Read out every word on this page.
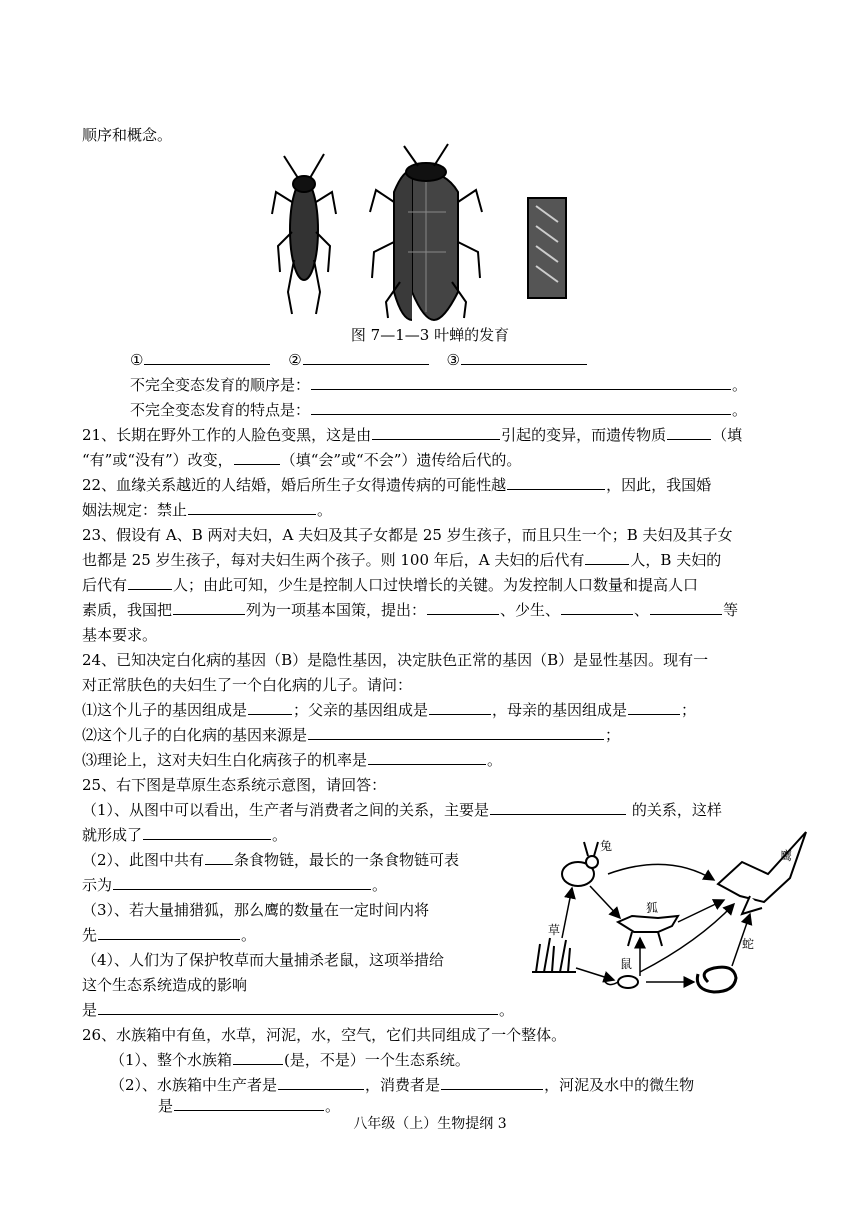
顺序和概念。
图 7—1—3 叶蝉的发育
①	②	③
不完全变态发育的顺序是：	。
不完全变态发育的特点是：	。
21、长期在野外工作的人脸色变黑，这是由	引起的变异，而遗传物质	（填
“有”或“没有”）改变，	（填“会”或“不会”）遗传给后代的。
22、血缘关系越近的人结婚，婚后所生子女得遗传病的可能性越	，因此，我国婚
姻法规定：禁止	。
23、假设有 A、B 两对夫妇，A 夫妇及其子女都是 25 岁生孩子，而且只生一个；B 夫妇及其子女
也都是 25 岁生孩子，每对夫妇生两个孩子。则 100 年后，A 夫妇的后代有	人，B 夫妇的
后代有	人；由此可知，少生是控制人口过快增长的关键。为发控制人口数量和提高人口
素质，我国把	列为一项基本国策，提出：	、少生、	、	等
基本要求。
24、已知决定白化病的基因（B）是隐性基因，决定肤色正常的基因（B）是显性基因。现有一
对正常肤色的夫妇生了一个白化病的儿子。请问：
⑴这个儿子的基因组成是	；父亲的基因组成是	，母亲的基因组成是	；
⑵这个儿子的白化病的基因来源是	；
⑶理论上，这对夫妇生白化病孩子的机率是	。
25、右下图是草原生态系统示意图，请回答：
（1）、从图中可以看出，生产者与消费者之间的关系，主要是	的关系，这样
就形成了	。
（2）、此图中共有 条食物链，最长的一条食物链可表
示为	。
（3）、若大量捕猎狐，那么鹰的数量在一定时间内将
先	。
（4）、人们为了保护牧草而大量捕杀老鼠，这项举措给
这个生态系统造成的影响
是	。
兔
鹰
狐
草
鼠
蛇
26、水族箱中有鱼，水草，河泥，水，空气，它们共同组成了一个整体。
（1）、整个水族箱	(是，不是）一个生态系统。
（2）、水族箱中生产者是	，消费者是	，河泥及水中的微生物
是	。
八年级（上）生物提纲 3
